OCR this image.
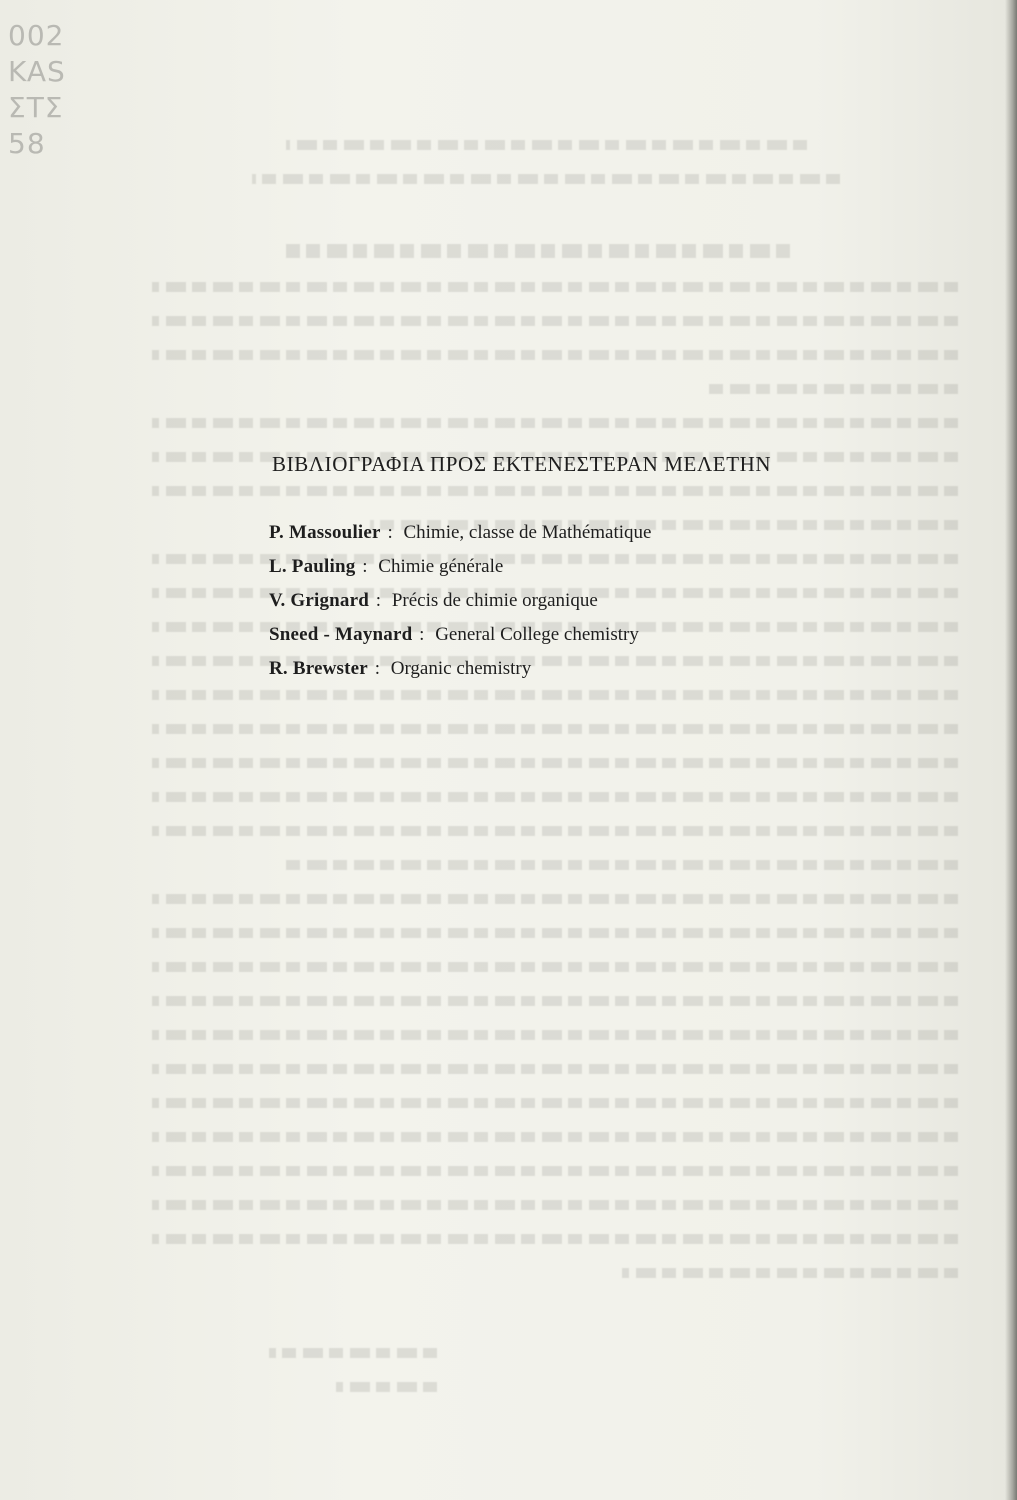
002
KAS
ΣΤΣ
58
ΒΙΒΛΙΟΓΡΑΦΙΑ ΠΡΟΣ ΕΚΤΕΝΕΣΤΕΡΑΝ ΜΕΛΕΤΗΝ
P. Massoulier : Chimie, classe de Mathématique
L. Pauling : Chimie générale
V. Grignard : Précis de chimie organique
Sneed - Maynard : General College chemistry
R. Brewster : Organic chemistry
